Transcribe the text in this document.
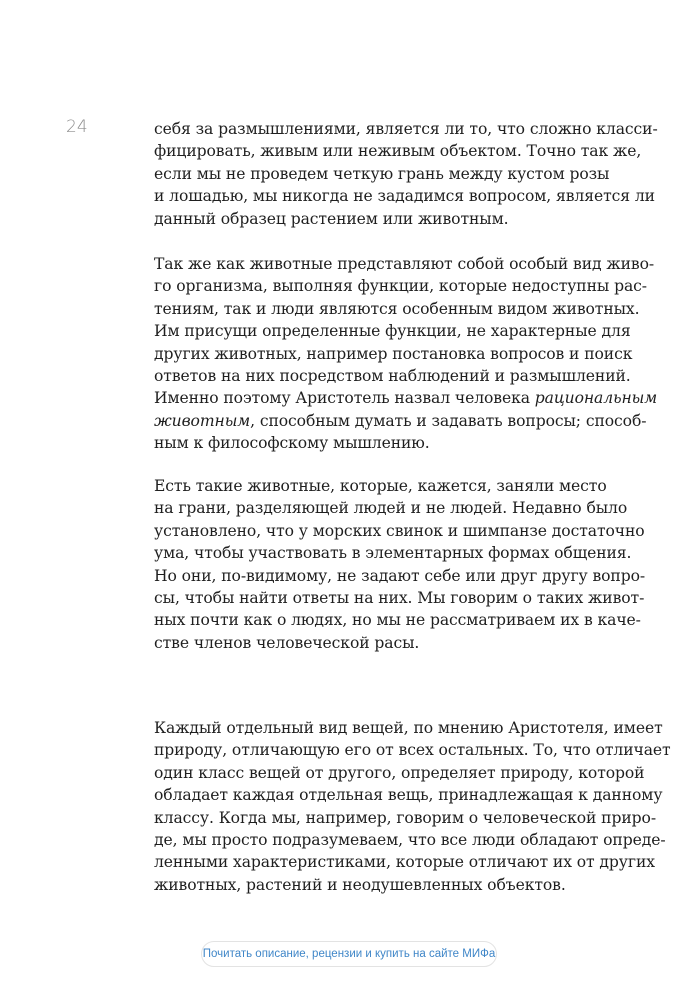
24	себя за размышлениями, является ли то, что сложно класси-
фицировать, живым или неживым объектом. Точно так же,
если мы не проведем четкую грань между кустом розы
и лошадью, мы никогда не зададимся вопросом, является ли
данный образец растением или животным.
Так же как животные представляют собой особый вид живо-
го организма, выполняя функции, которые недоступны рас-
тениям, так и люди являются особенным видом животных.
Им присущи определенные функции, не характерные для
других животных, например постановка вопросов и поиск
ответов на них посредством наблюдений и размышлений.
Именно поэтому Аристотель назвал человека рациональным
животным, способным думать и задавать вопросы; способ-
ным к философскому мышлению.
Есть такие животные, которые, кажется, заняли место
на грани, разделяющей людей и не людей. Недавно было
установлено, что у морских свинок и шимпанзе достаточно
ума, чтобы участвовать в элементарных формах общения.
Но они, по-видимому, не задают себе или друг другу вопро-
сы, чтобы найти ответы на них. Мы говорим о таких живот-
ных почти как о людях, но мы не рассматриваем их в каче-
стве членов человеческой расы.
Каждый отдельный вид вещей, по мнению Аристотеля, имеет
природу, отличающую его от всех остальных. То, что отличает
один класс вещей от другого, определяет природу, которой
обладает каждая отдельная вещь, принадлежащая к данному
классу. Когда мы, например, говорим о человеческой приро-
де, мы просто подразумеваем, что все люди обладают опреде-
ленными характеристиками, которые отличают их от других
животных, растений и неодушевленных объектов.
Почитать описание, рецензии и купить на сайте МИФа
